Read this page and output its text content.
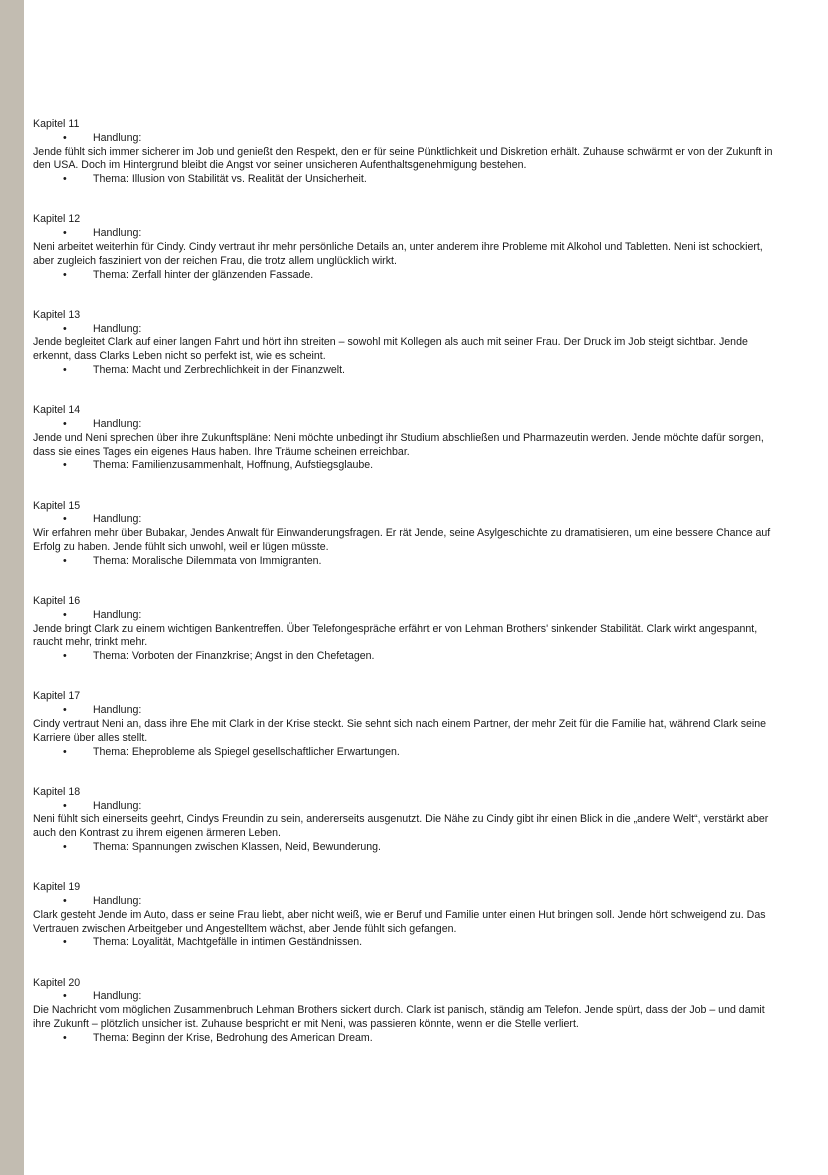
Kapitel 11

• Handlung:

Jende fühlt sich immer sicherer im Job und genießt den Respekt, den er für seine Pünktlichkeit und Diskretion erhält. Zuhause schwärmt er von der Zukunft in den USA. Doch im Hintergrund bleibt die Angst vor seiner unsicheren Aufenthaltsgenehmigung bestehen.

• Thema: Illusion von Stabilität vs. Realität der Unsicherheit.

Kapitel 12

• Handlung:

Neni arbeitet weiterhin für Cindy. Cindy vertraut ihr mehr persönliche Details an, unter anderem ihre Probleme mit Alkohol und Tabletten. Neni ist schockiert, aber zugleich fasziniert von der reichen Frau, die trotz allem unglücklich wirkt.

• Thema: Zerfall hinter der glänzenden Fassade.

Kapitel 13

• Handlung:

Jende begleitet Clark auf einer langen Fahrt und hört ihn streiten – sowohl mit Kollegen als auch mit seiner Frau. Der Druck im Job steigt sichtbar. Jende erkennt, dass Clarks Leben nicht so perfekt ist, wie es scheint.

• Thema: Macht und Zerbrechlichkeit in der Finanzwelt.

Kapitel 14

• Handlung:

Jende und Neni sprechen über ihre Zukunftspläne: Neni möchte unbedingt ihr Studium abschließen und Pharmazeutin werden. Jende möchte dafür sorgen, dass sie eines Tages ein eigenes Haus haben. Ihre Träume scheinen erreichbar.

• Thema: Familienzusammenhalt, Hoffnung, Aufstiegsglaube.

Kapitel 15

• Handlung:

Wir erfahren mehr über Bubakar, Jendes Anwalt für Einwanderungsfragen. Er rät Jende, seine Asylgeschichte zu dramatisieren, um eine bessere Chance auf Erfolg zu haben. Jende fühlt sich unwohl, weil er lügen müsste.

• Thema: Moralische Dilemmata von Immigranten.

Kapitel 16

• Handlung:

Jende bringt Clark zu einem wichtigen Bankentreffen. Über Telefongespräche erfährt er von Lehman Brothers' sinkender Stabilität. Clark wirkt angespannt, raucht mehr, trinkt mehr.

• Thema: Vorboten der Finanzkrise; Angst in den Chefetagen.

Kapitel 17

• Handlung:

Cindy vertraut Neni an, dass ihre Ehe mit Clark in der Krise steckt. Sie sehnt sich nach einem Partner, der mehr Zeit für die Familie hat, während Clark seine Karriere über alles stellt.

• Thema: Eheprobleme als Spiegel gesellschaftlicher Erwartungen.

Kapitel 18

• Handlung:

Neni fühlt sich einerseits geehrt, Cindys Freundin zu sein, andererseits ausgenutzt. Die Nähe zu Cindy gibt ihr einen Blick in die „andere Welt“, verstärkt aber auch den Kontrast zu ihrem eigenen ärmeren Leben.

• Thema: Spannungen zwischen Klassen, Neid, Bewunderung.

Kapitel 19

• Handlung:

Clark gesteht Jende im Auto, dass er seine Frau liebt, aber nicht weiß, wie er Beruf und Familie unter einen Hut bringen soll. Jende hört schweigend zu. Das Vertrauen zwischen Arbeitgeber und Angestelltem wächst, aber Jende fühlt sich gefangen.

• Thema: Loyalität, Machtgefälle in intimen Geständnissen.

Kapitel 20

• Handlung:

Die Nachricht vom möglichen Zusammenbruch Lehman Brothers sickert durch. Clark ist panisch, ständig am Telefon. Jende spürt, dass der Job – und damit ihre Zukunft – plötzlich unsicher ist. Zuhause bespricht er mit Neni, was passieren könnte, wenn er die Stelle verliert.

• Thema: Beginn der Krise, Bedrohung des American Dream.
